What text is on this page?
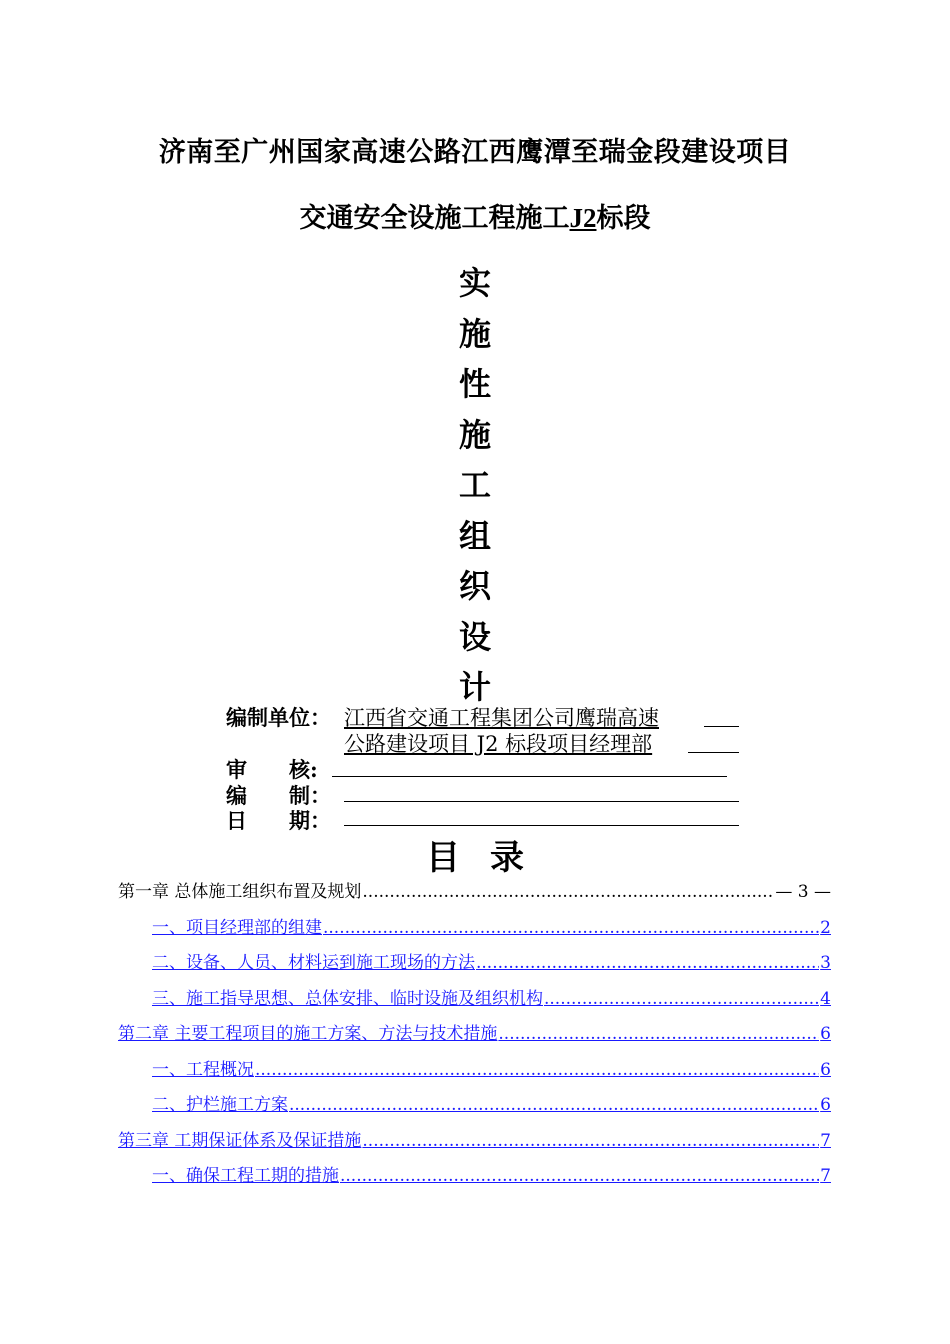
济南至广州国家高速公路江西鹰潭至瑞金段建设项目
交通安全设施工程施工J2标段
实
施
性
施
工
组
织
设
计
编制单位： 江西省交通工程集团公司鹰瑞高速
公路建设项目 J2 标段项目经理部
审　　核:
编　　制：
日　　期：
目录
第一章 总体施工组织布置及规划 .....	— 3 —
一、项目经理部的组建 .....	2
二、设备、人员、材料运到施工现场的方法 .....	3
三、施工指导思想、总体安排、临时设施及组织机构 .....	4
第二章 主要工程项目的施工方案、方法与技术措施 .....	6
一、工程概况 .....	6
二、护栏施工方案 .....	6
第三章 工期保证体系及保证措施 .....	7
一、确保工程工期的措施 .....	7
